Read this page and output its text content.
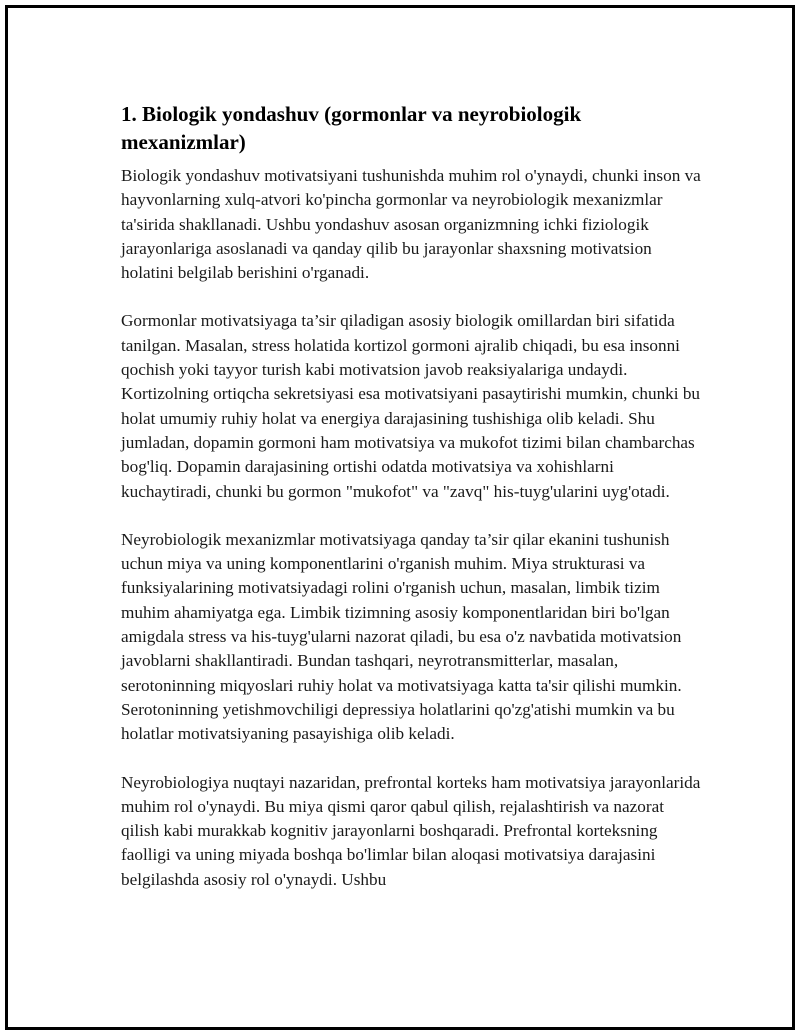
1. Biologik yondashuv (gormonlar va neyrobiologik mexanizmlar)

Biologik yondashuv motivatsiyani tushunishda muhim rol o'ynaydi, chunki inson va hayvonlarning xulq-atvori ko'pincha gormonlar va neyrobiologik mexanizmlar ta'sirida shakllanadi. Ushbu yondashuv asosan organizmning ichki fiziologik jarayonlariga asoslanadi va qanday qilib bu jarayonlar shaxsning motivatsion holatini belgilab berishini o'rganadi.

Gormonlar motivatsiyaga ta’sir qiladigan asosiy biologik omillardan biri sifatida tanilgan. Masalan, stress holatida kortizol gormoni ajralib chiqadi, bu esa insonni qochish yoki tayyor turish kabi motivatsion javob reaksiyalariga undaydi. Kortizolning ortiqcha sekretsiyasi esa motivatsiyani pasaytirishi mumkin, chunki bu holat umumiy ruhiy holat va energiya darajasining tushishiga olib keladi. Shu jumladan, dopamin gormoni ham motivatsiya va mukofot tizimi bilan chambarchas bog'liq. Dopamin darajasining ortishi odatda motivatsiya va xohishlarni kuchaytiradi, chunki bu gormon "mukofot" va "zavq" his-tuyg'ularini uyg'otadi.

Neyrobiologik mexanizmlar motivatsiyaga qanday ta’sir qilar ekanini tushunish uchun miya va uning komponentlarini o'rganish muhim. Miya strukturasi va funksiyalarining motivatsiyadagi rolini o'rganish uchun, masalan, limbik tizim muhim ahamiyatga ega. Limbik tizimning asosiy komponentlaridan biri bo'lgan amigdala stress va his-tuyg'ularni nazorat qiladi, bu esa o'z navbatida motivatsion javoblarni shakllantiradi. Bundan tashqari, neyrotransmitterlar, masalan, serotoninning miqyoslari ruhiy holat va motivatsiyaga katta ta'sir qilishi mumkin. Serotoninning yetishmovchiligi depressiya holatlarini qo'zg'atishi mumkin va bu holatlar motivatsiyaning pasayishiga olib keladi.

Neyrobiologiya nuqtayi nazaridan, prefrontal korteks ham motivatsiya jarayonlarida muhim rol o'ynaydi. Bu miya qismi qaror qabul qilish, rejalashtirish va nazorat qilish kabi murakkab kognitiv jarayonlarni boshqaradi. Prefrontal korteksning faolligi va uning miyada boshqa bo'limlar bilan aloqasi motivatsiya darajasini belgilashda asosiy rol o'ynaydi. Ushbu
